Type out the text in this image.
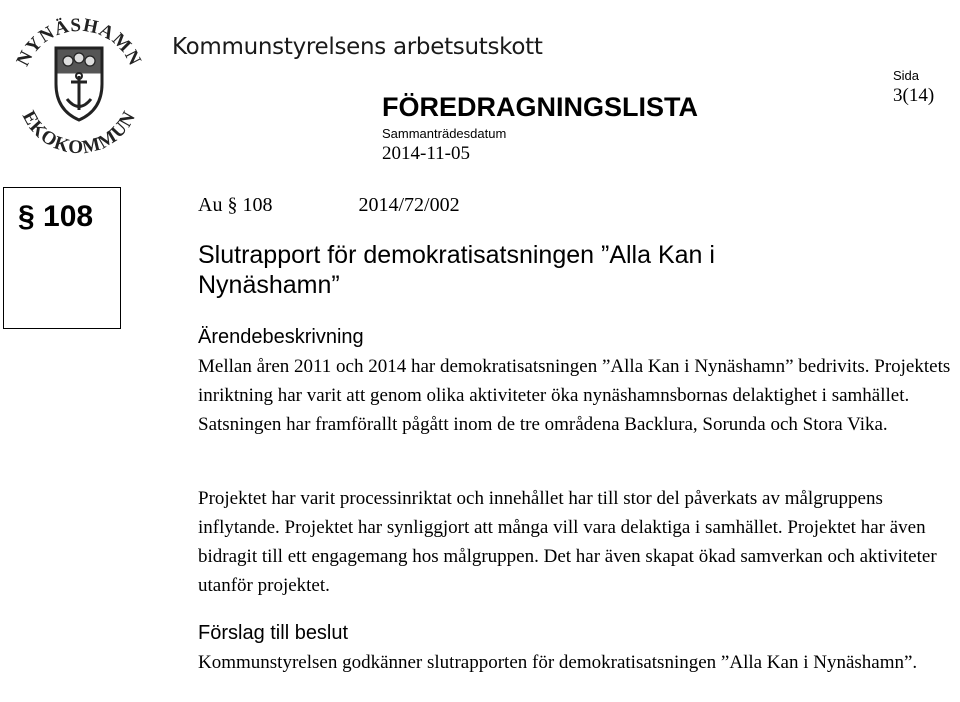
NYNÄSHAMN
EKOKOMMUN
Kommunstyrelsens arbetsutskott
FÖREDRAGNINGSLISTA
Sammanträdesdatum
2014-11-05
Sida
3(14)
§ 108	Au § 108	2014/72/002
Slutrapport för demokratisatsningen ”Alla Kan i Nynäshamn”
Ärendebeskrivning
Mellan åren 2011 och 2014 har demokratisatsningen ”Alla Kan i Nynäshamn” bedrivits. Projektets inriktning har varit att genom olika aktiviteter öka nynäshamnsbornas delaktighet i samhället. Satsningen har framförallt pågått inom de tre områdena Backlura, Sorunda och Stora Vika.
Projektet har varit processinriktat och innehållet har till stor del påverkats av målgruppens inflytande. Projektet har synliggjort att många vill vara delaktiga i samhället. Projektet har även bidragit till ett engagemang hos målgruppen. Det har även skapat ökad samverkan och aktiviteter utanför projektet.
Förslag till beslut
Kommunstyrelsen godkänner slutrapporten för demokratisatsningen ”Alla Kan i Nynäshamn”.
